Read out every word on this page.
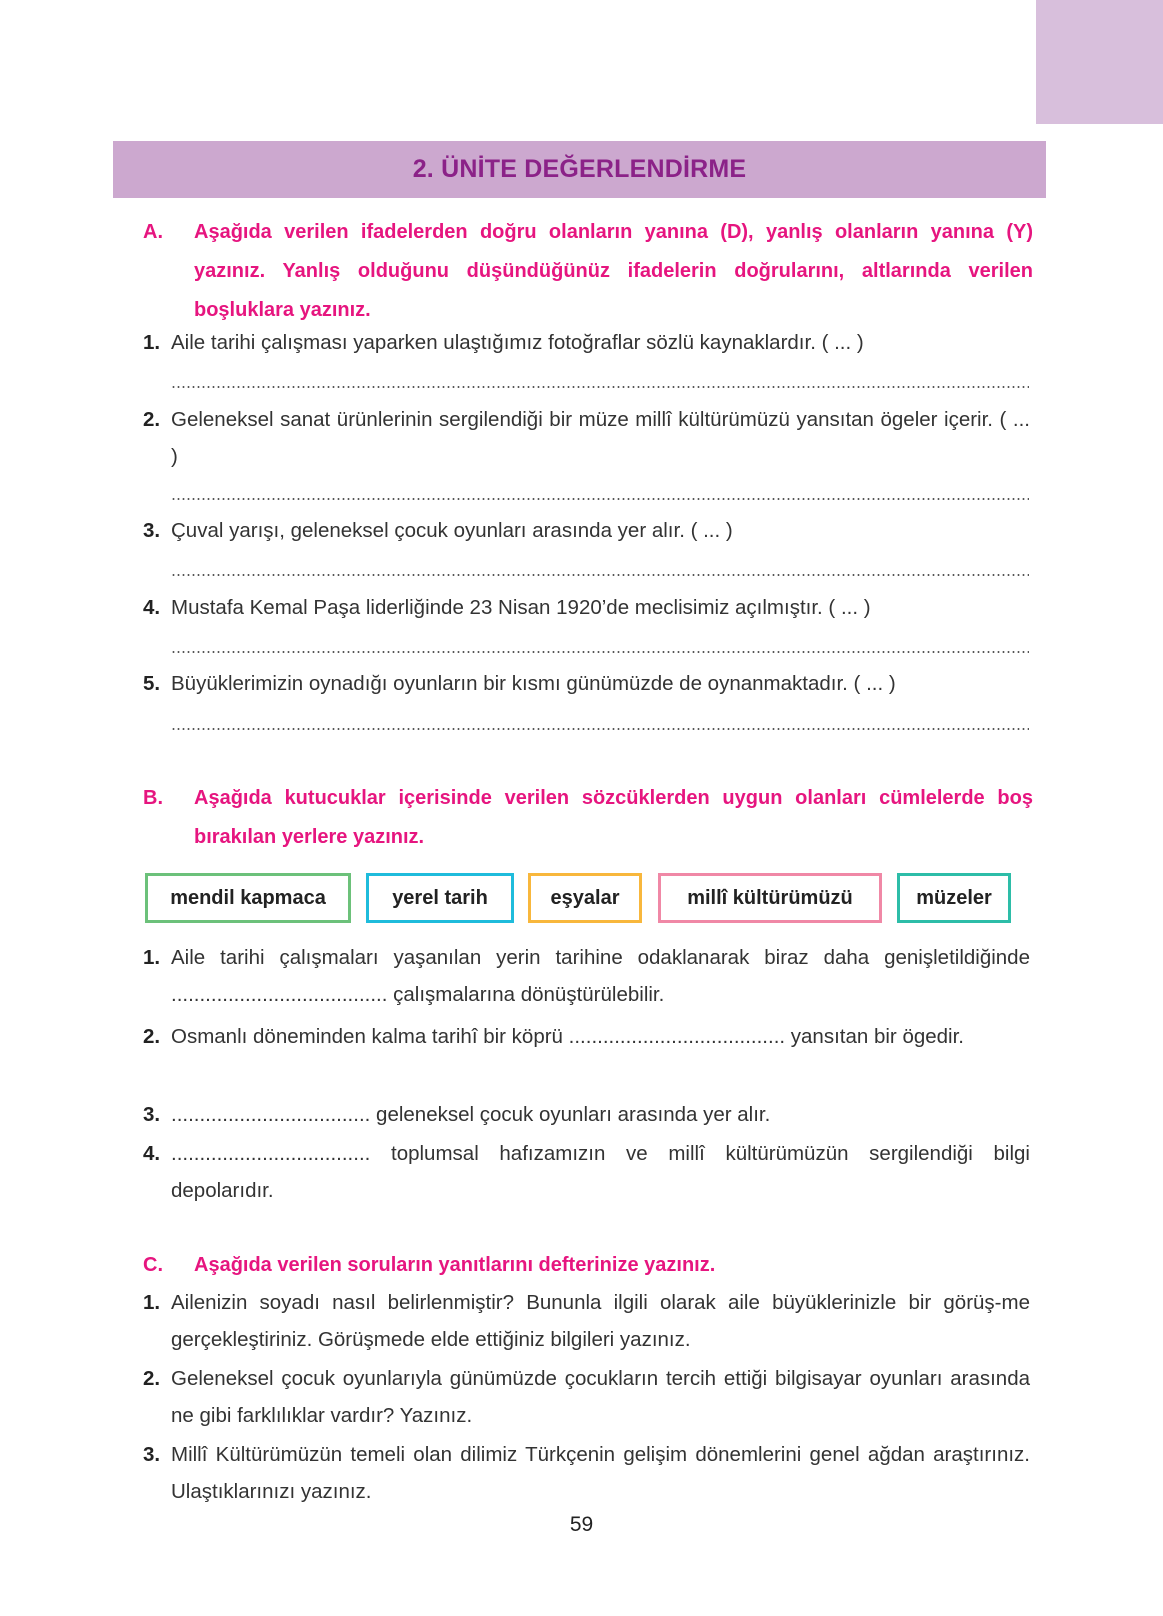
2. ÜNİTE DEĞERLENDİRME
A. Aşağıda verilen ifadelerden doğru olanların yanına (D), yanlış olanların yanına (Y) yazınız. Yanlış olduğunu düşündüğünüz ifadelerin doğrularını, altlarında verilen boşluklara yazınız.
1. Aile tarihi çalışması yaparken ulaştığımız fotoğraflar sözlü kaynaklardır. ( ... )
2. Geleneksel sanat ürünlerinin sergilendiği bir müze millî kültürümüzü yansıtan ögeler içerir. ( ... )
3. Çuval yarışı, geleneksel çocuk oyunları arasında yer alır. ( ... )
4. Mustafa Kemal Paşa liderliğinde 23 Nisan 1920’de meclisimiz açılmıştır. ( ... )
5. Büyüklerimizin oynadığı oyunların bir kısmı günümüzde de oynanmaktadır. ( ... )
B. Aşağıda kutucuklar içerisinde verilen sözcüklerden uygun olanları cümlelerde boş bırakılan yerlere yazınız.
mendil kapmaca	yerel tarih	eşyalar	millî kültürümüzü	müzeler
1. Aile tarihi çalışmaları yaşanılan yerin tarihine odaklanarak biraz daha genişletildiğinde ...................................... çalışmalarına dönüştürülebilir.
2. Osmanlı döneminden kalma tarihî bir köprü ...................................... yansıtan bir ögedir.
3. ................................... geleneksel çocuk oyunları arasında yer alır.
4. ................................... toplumsal hafızamızın ve millî kültürümüzün sergilendiği bilgi depolarıdır.
C. Aşağıda verilen soruların yanıtlarını defterinize yazınız.
1. Ailenizin soyadı nasıl belirlenmiştir? Bununla ilgili olarak aile büyüklerinizle bir görüş-me gerçekleştiriniz. Görüşmede elde ettiğiniz bilgileri yazınız.
2. Geleneksel çocuk oyunlarıyla günümüzde çocukların tercih ettiği bilgisayar oyunları arasında ne gibi farklılıklar vardır? Yazınız.
3. Millî Kültürümüzün temeli olan dilimiz Türkçenin gelişim dönemlerini genel ağdan araştırınız. Ulaştıklarınızı yazınız.
59
